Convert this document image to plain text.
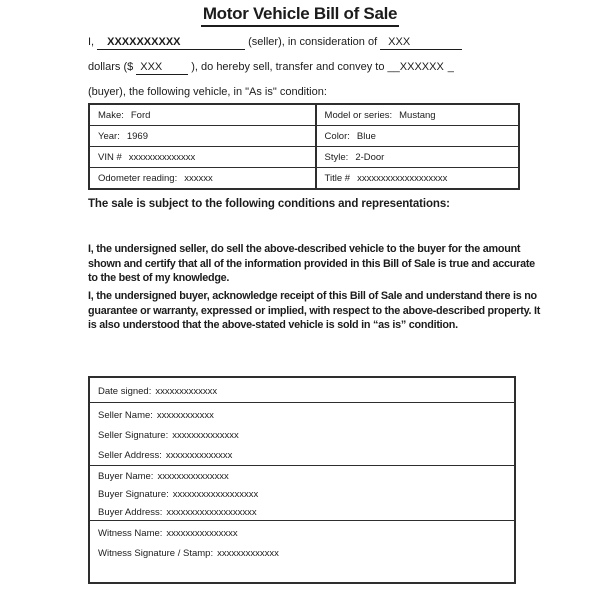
Motor Vehicle Bill of Sale
I, XXXXXXXXXX	(seller), in consideration of XXX
dollars ($ XXX	), do hereby sell, transfer and convey to __XXXXXX _
(buyer), the following vehicle, in "As is" condition:
Make: Ford	Model or series: Mustang
Year: 1969	Color: Blue
VIN # xxxxxxxxxxxxxx	Style: 2-Door
Odometer reading: xxxxxx	Title # xxxxxxxxxxxxxxxxxxx
The sale is subject to the following conditions and representations:
I, the undersigned seller, do sell the above-described vehicle to the buyer for the amount shown and certify that all of the information provided in this Bill of Sale is true and accurate to the best of my knowledge.
I, the undersigned buyer, acknowledge receipt of this Bill of Sale and understand there is no guarantee or warranty, expressed or implied, with respect to the above-described property. It is also understood that the above-stated vehicle is sold in “as is” condition.
Date signed: xxxxxxxxxxxxx
Seller Name: xxxxxxxxxxxx
Seller Signature: xxxxxxxxxxxxxx
Seller Address: xxxxxxxxxxxxxx
Buyer Name: xxxxxxxxxxxxxxx
Buyer Signature: xxxxxxxxxxxxxxxxxx
Buyer Address: xxxxxxxxxxxxxxxxxxx
Witness Name: xxxxxxxxxxxxxxx
Witness Signature / Stamp: xxxxxxxxxxxxx
